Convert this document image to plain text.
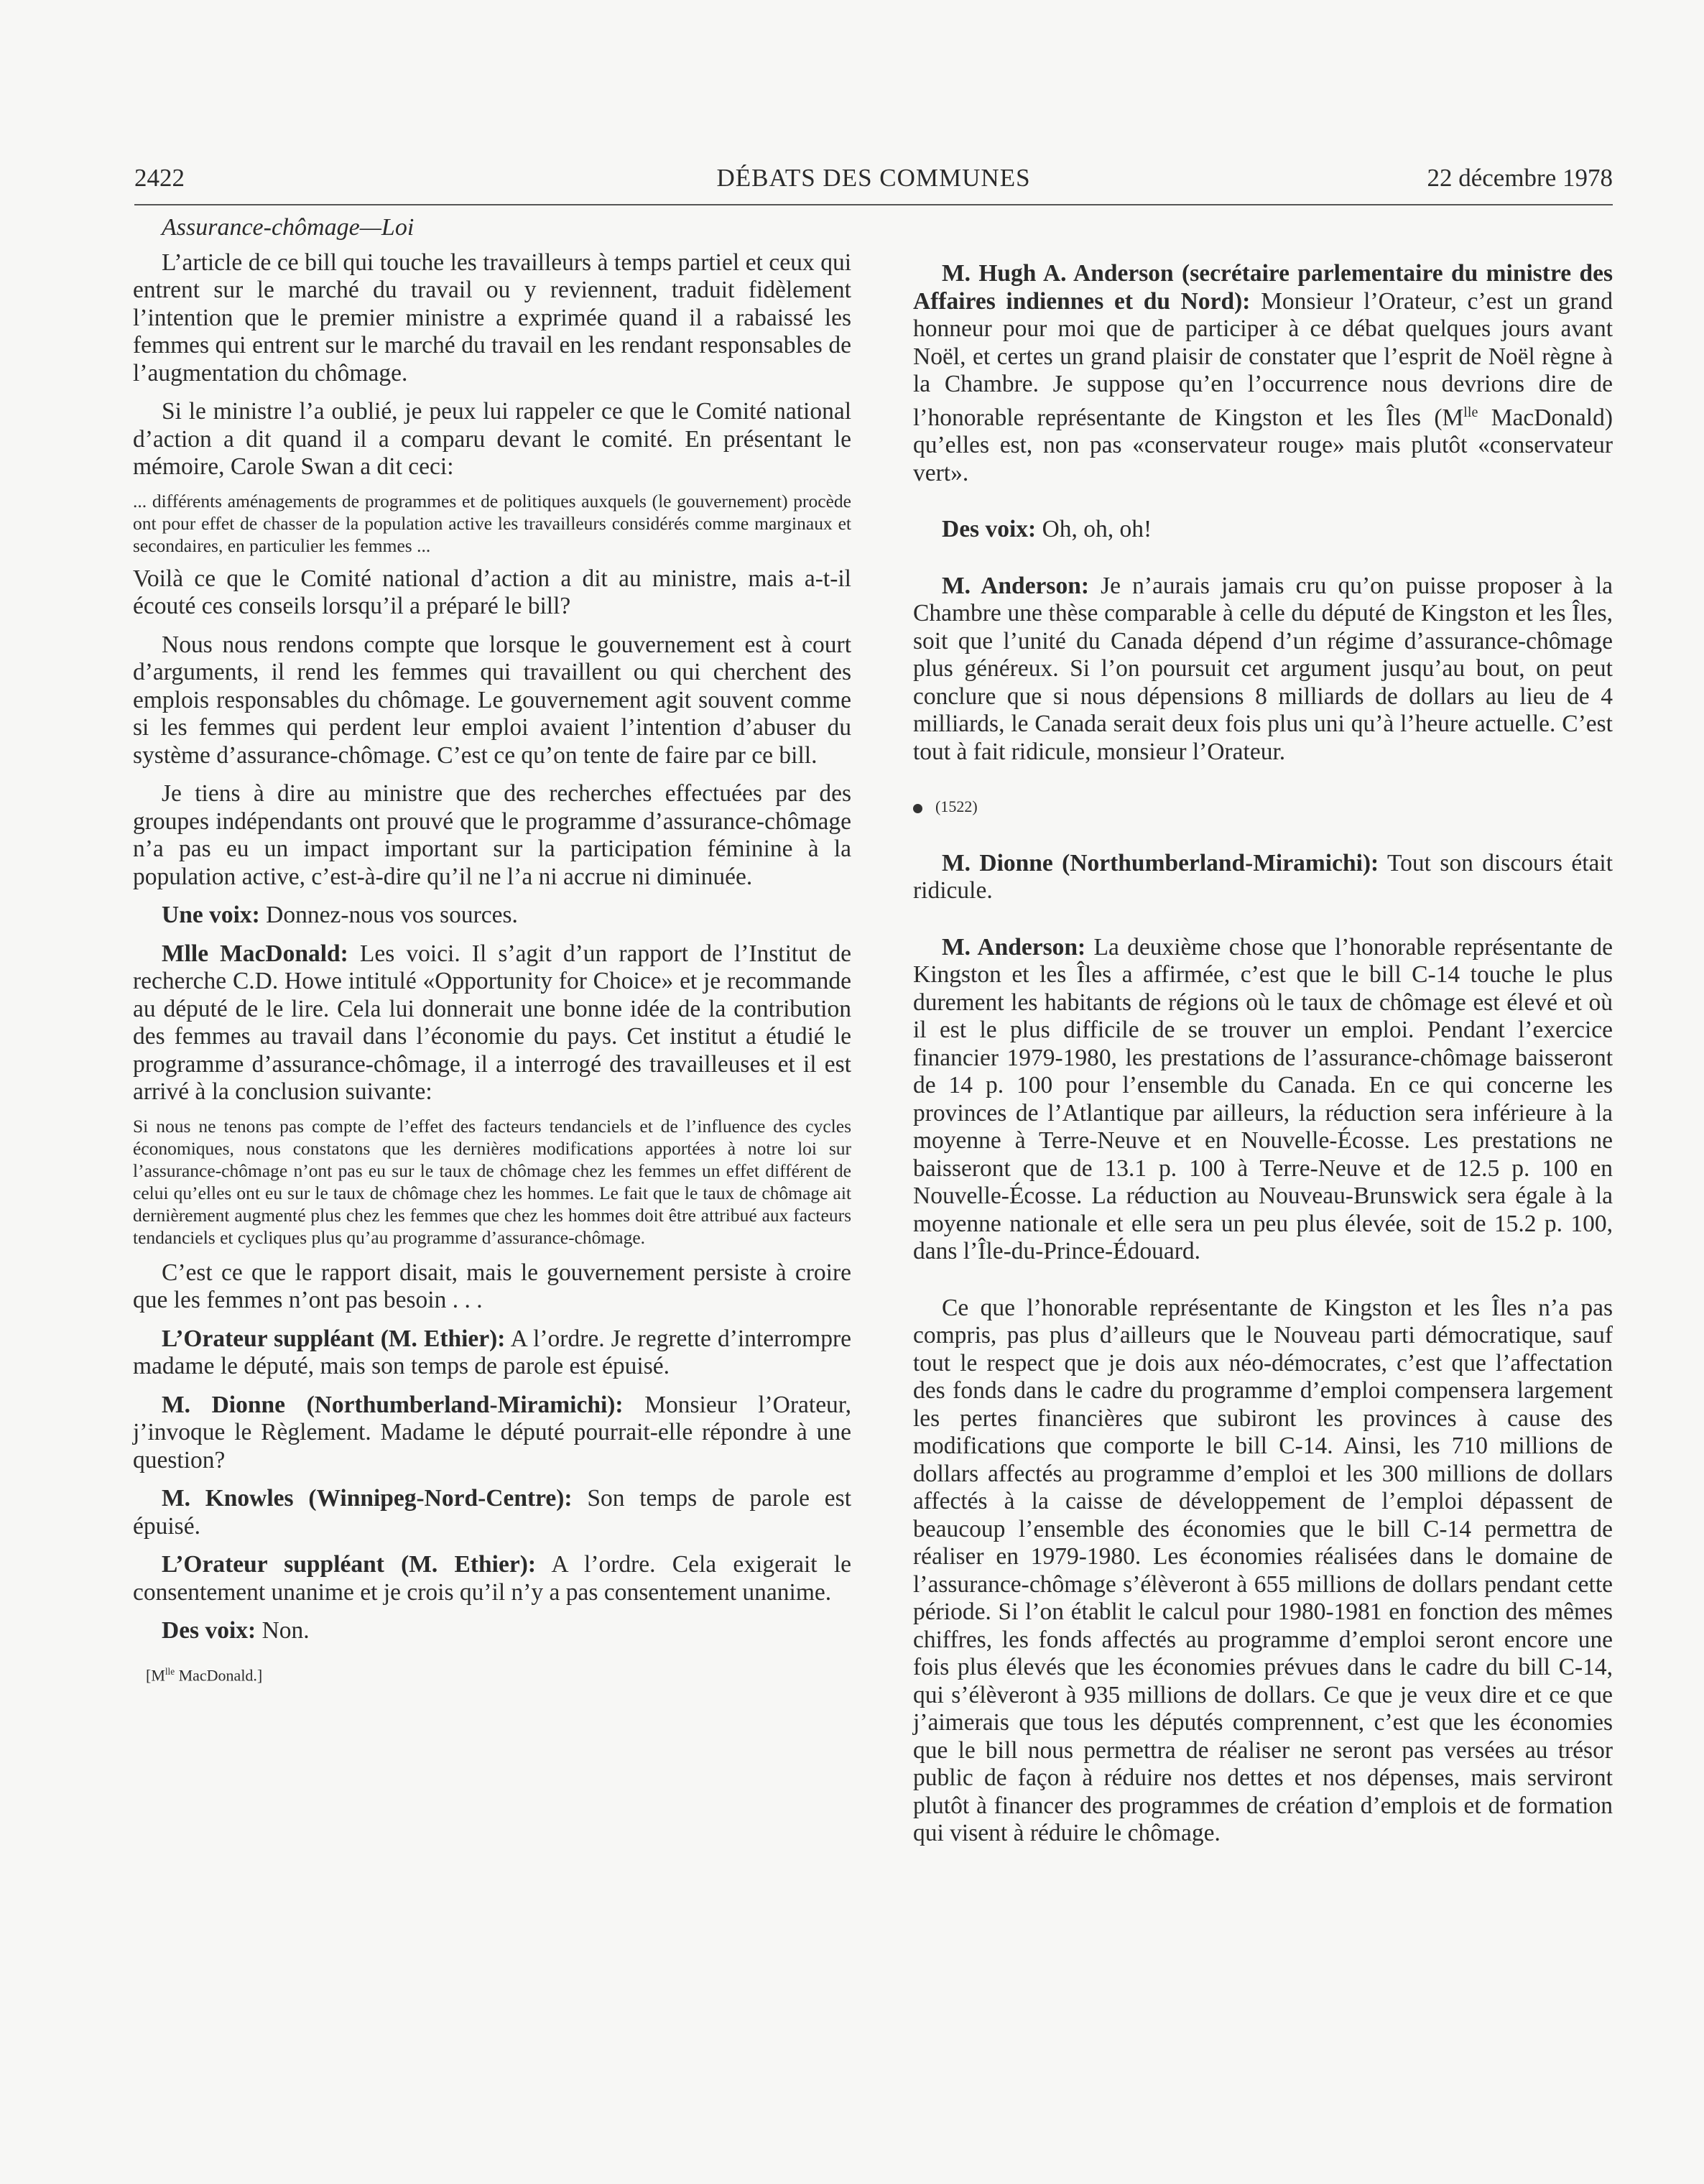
2422	DÉBATS DES COMMUNES	22 décembre 1978

Assurance-chômage—Loi

L’article de ce bill qui touche les travailleurs à temps partiel et ceux qui entrent sur le marché du travail ou y reviennent, traduit fidèlement l’intention que le premier ministre a exprimée quand il a rabaissé les femmes qui entrent sur le marché du travail en les rendant responsables de l’augmentation du chômage.

Si le ministre l’a oublié, je peux lui rappeler ce que le Comité national d’action a dit quand il a comparu devant le comité. En présentant le mémoire, Carole Swan a dit ceci:

... différents aménagements de programmes et de politiques auxquels (le gouvernement) procède ont pour effet de chasser de la population active les travailleurs considérés comme marginaux et secondaires, en particulier les femmes ...

Voilà ce que le Comité national d’action a dit au ministre, mais a-t-il écouté ces conseils lorsqu’il a préparé le bill?

Nous nous rendons compte que lorsque le gouvernement est à court d’arguments, il rend les femmes qui travaillent ou qui cherchent des emplois responsables du chômage. Le gouvernement agit souvent comme si les femmes qui perdent leur emploi avaient l’intention d’abuser du système d’assurance-chômage. C’est ce qu’on tente de faire par ce bill.

Je tiens à dire au ministre que des recherches effectuées par des groupes indépendants ont prouvé que le programme d’assurance-chômage n’a pas eu un impact important sur la participation féminine à la population active, c’est-à-dire qu’il ne l’a ni accrue ni diminuée.

Une voix: Donnez-nous vos sources.

Mlle MacDonald: Les voici. Il s’agit d’un rapport de l’Institut de recherche C.D. Howe intitulé «Opportunity for Choice» et je recommande au député de le lire. Cela lui donnerait une bonne idée de la contribution des femmes au travail dans l’économie du pays. Cet institut a étudié le programme d’assurance-chômage, il a interrogé des travailleuses et il est arrivé à la conclusion suivante:

Si nous ne tenons pas compte de l’effet des facteurs tendanciels et de l’influence des cycles économiques, nous constatons que les dernières modifications apportées à notre loi sur l’assurance-chômage n’ont pas eu sur le taux de chômage chez les femmes un effet différent de celui qu’elles ont eu sur le taux de chômage chez les hommes. Le fait que le taux de chômage ait dernièrement augmenté plus chez les femmes que chez les hommes doit être attribué aux facteurs tendanciels et cycliques plus qu’au programme d’assurance-chômage.

C’est ce que le rapport disait, mais le gouvernement persiste à croire que les femmes n’ont pas besoin . . .

L’Orateur suppléant (M. Ethier): A l’ordre. Je regrette d’interrompre madame le député, mais son temps de parole est épuisé.

M. Dionne (Northumberland-Miramichi): Monsieur l’Orateur, j’invoque le Règlement. Madame le député pourrait-elle répondre à une question?

M. Knowles (Winnipeg-Nord-Centre): Son temps de parole est épuisé.

L’Orateur suppléant (M. Ethier): A l’ordre. Cela exigerait le consentement unanime et je crois qu’il n’y a pas consentement unanime.

Des voix: Non.

[$M^{lle}$ MacDonald.]

M. Hugh A. Anderson (secrétaire parlementaire du ministre des Affaires indiennes et du Nord): Monsieur l’Orateur, c’est un grand honneur pour moi que de participer à ce débat quelques jours avant Noël, et certes un grand plaisir de constater que l’esprit de Noël règne à la Chambre. Je suppose qu’en l’occurrence nous devrions dire de l’honorable représentante de Kingston et les Îles ($M^{lle}$ MacDonald) qu’elles est, non pas «conservateur rouge» mais plutôt «conservateur vert».

Des voix: Oh, oh, oh!

M. Anderson: Je n’aurais jamais cru qu’on puisse proposer à la Chambre une thèse comparable à celle du député de Kingston et les Îles, soit que l’unité du Canada dépend d’un régime d’assurance-chômage plus généreux. Si l’on poursuit cet argument jusqu’au bout, on peut conclure que si nous dépensions 8 milliards de dollars au lieu de 4 milliards, le Canada serait deux fois plus uni qu’à l’heure actuelle. C’est tout à fait ridicule, monsieur l’Orateur.

(1522)

M. Dionne (Northumberland-Miramichi): Tout son discours était ridicule.

M. Anderson: La deuxième chose que l’honorable représentante de Kingston et les Îles a affirmée, c’est que le bill C-14 touche le plus durement les habitants de régions où le taux de chômage est élevé et où il est le plus difficile de se trouver un emploi. Pendant l’exercice financier 1979-1980, les prestations de l’assurance-chômage baisseront de 14 p. 100 pour l’ensemble du Canada. En ce qui concerne les provinces de l’Atlantique par ailleurs, la réduction sera inférieure à la moyenne à Terre-Neuve et en Nouvelle-Écosse. Les prestations ne baisseront que de 13.1 p. 100 à Terre-Neuve et de 12.5 p. 100 en Nouvelle-Écosse. La réduction au Nouveau-Brunswick sera égale à la moyenne nationale et elle sera un peu plus élevée, soit de 15.2 p. 100, dans l’Île-du-Prince-Édouard.

Ce que l’honorable représentante de Kingston et les Îles n’a pas compris, pas plus d’ailleurs que le Nouveau parti démocratique, sauf tout le respect que je dois aux néo-démocrates, c’est que l’affectation des fonds dans le cadre du programme d’emploi compensera largement les pertes financières que subiront les provinces à cause des modifications que comporte le bill C-14. Ainsi, les 710 millions de dollars affectés au programme d’emploi et les 300 millions de dollars affectés à la caisse de développement de l’emploi dépassent de beaucoup l’ensemble des économies que le bill C-14 permettra de réaliser en 1979-1980. Les économies réalisées dans le domaine de l’assurance-chômage s’élèveront à 655 millions de dollars pendant cette période. Si l’on établit le calcul pour 1980-1981 en fonction des mêmes chiffres, les fonds affectés au programme d’emploi seront encore une fois plus élevés que les économies prévues dans le cadre du bill C-14, qui s’élèveront à 935 millions de dollars. Ce que je veux dire et ce que j’aimerais que tous les députés comprennent, c’est que les économies que le bill nous permettra de réaliser ne seront pas versées au trésor public de façon à réduire nos dettes et nos dépenses, mais serviront plutôt à financer des programmes de création d’emplois et de formation qui visent à réduire le chômage.
